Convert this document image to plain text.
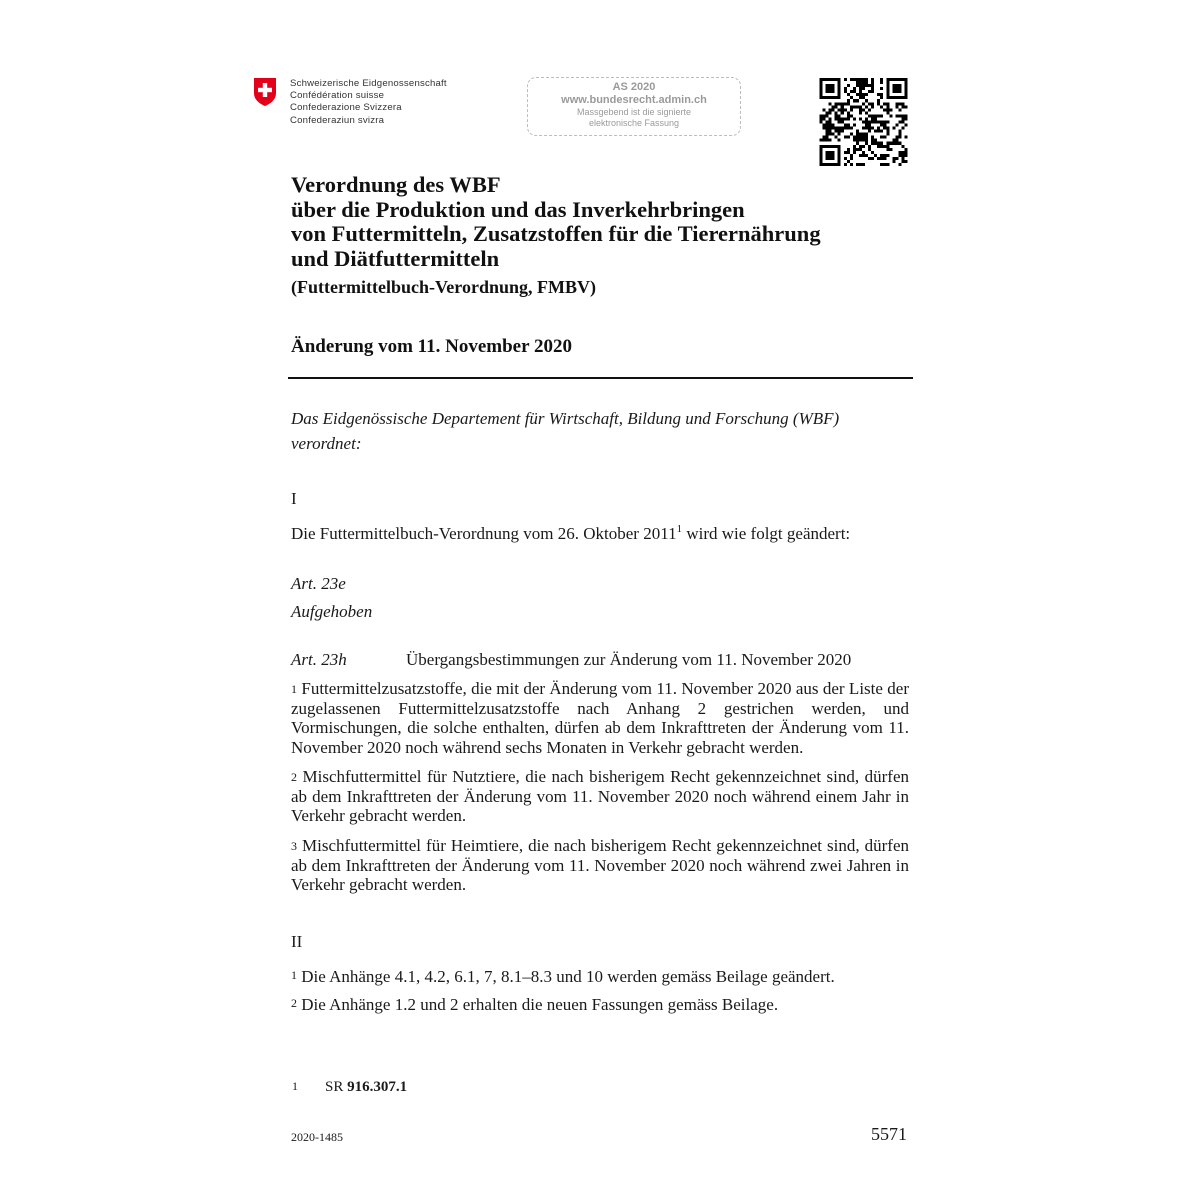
Schweizerische Eidgenossenschaft
Confédération suisse
Confederazione Svizzera
Confederaziun svizra
AS 2020
www.bundesrecht.admin.ch
Massgebend ist die signierte
elektronische Fassung
Verordnung des WBF
über die Produktion und das Inverkehrbringen
von Futtermitteln, Zusatzstoffen für die Tierernährung
und Diätfuttermitteln
(Futtermittelbuch-Verordnung, FMBV)
Änderung vom 11. November 2020
Das Eidgenössische Departement für Wirtschaft, Bildung und Forschung (WBF)
verordnet:
I
Die Futtermittelbuch-Verordnung vom 26. Oktober 2011$^1$ wird wie folgt geändert:
Art. 23e
Aufgehoben
Art. 23h	Übergangsbestimmungen zur Änderung vom 11. November 2020
$^1$ Futtermittelzusatzstoffe, die mit der Änderung vom 11. November 2020 aus der Liste der zugelassenen Futtermittelzusatzstoffe nach Anhang 2 gestrichen werden, und Vormischungen, die solche enthalten, dürfen ab dem Inkrafttreten der Änderung vom 11. November 2020 noch während sechs Monaten in Verkehr gebracht werden.
$^2$ Mischfuttermittel für Nutztiere, die nach bisherigem Recht gekennzeichnet sind, dürfen ab dem Inkrafttreten der Änderung vom 11. November 2020 noch während einem Jahr in Verkehr gebracht werden.
$^3$ Mischfuttermittel für Heimtiere, die nach bisherigem Recht gekennzeichnet sind, dürfen ab dem Inkrafttreten der Änderung vom 11. November 2020 noch während zwei Jahren in Verkehr gebracht werden.
II
$^1$ Die Anhänge 4.1, 4.2, 6.1, 7, 8.1–8.3 und 10 werden gemäss Beilage geändert.
$^2$ Die Anhänge 1.2 und 2 erhalten die neuen Fassungen gemäss Beilage.
1 SR 916.307.1
2020-1485	5571
